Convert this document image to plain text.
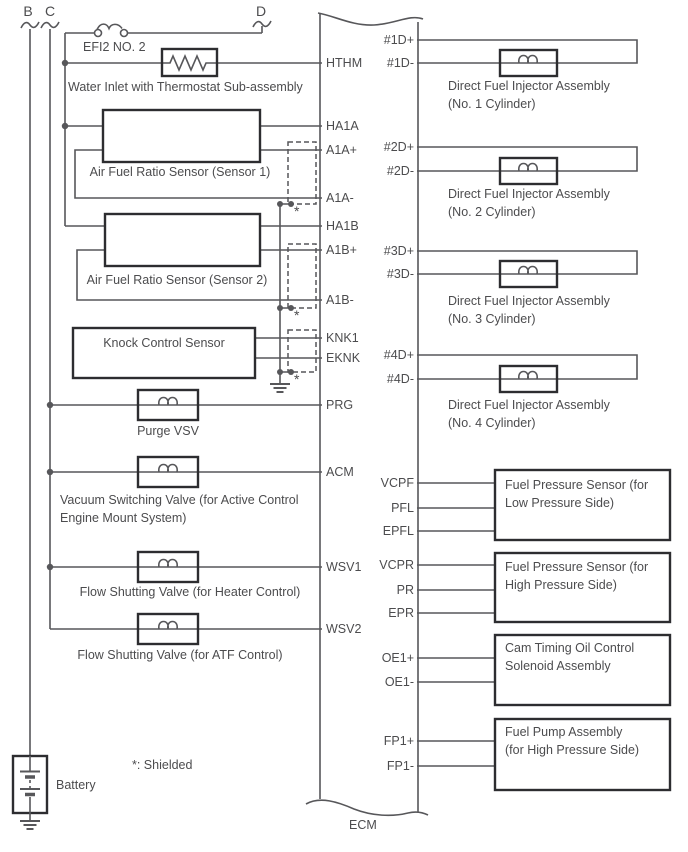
B C	D
EFI2 NO. 2
Water Inlet with Thermostat Sub-assembly
Air Fuel Ratio Sensor (Sensor 1)
Air Fuel Ratio Sensor (Sensor 2)
Knock Control Sensor
Purge VSV
Vacuum Switching Valve (for Active Control
Engine Mount System)
Flow Shutting Valve (for Heater Control)
Flow Shutting Valve (for ATF Control)
*: Shielded
Battery
ECM
*
*
*
HTHM
HA1A
A1A+
A1A-
HA1B
A1B+
A1B-
KNK1
EKNK
PRG
ACM
WSV1
WSV2
#1D+
#1D-
#2D+
#2D-
#3D+
#3D-
#4D+
#4D-
VCPF
PFL
EPFL
VCPR
PR
EPR
OE1+
OE1-
FP1+
FP1-
Direct Fuel Injector Assembly
(No. 1 Cylinder)
Direct Fuel Injector Assembly
(No. 2 Cylinder)
Direct Fuel Injector Assembly
(No. 3 Cylinder)
Direct Fuel Injector Assembly
(No. 4 Cylinder)
Fuel Pressure Sensor (for
Low Pressure Side)
Fuel Pressure Sensor (for
High Pressure Side)
Cam Timing Oil Control
Solenoid Assembly
Fuel Pump Assembly
(for High Pressure Side)
